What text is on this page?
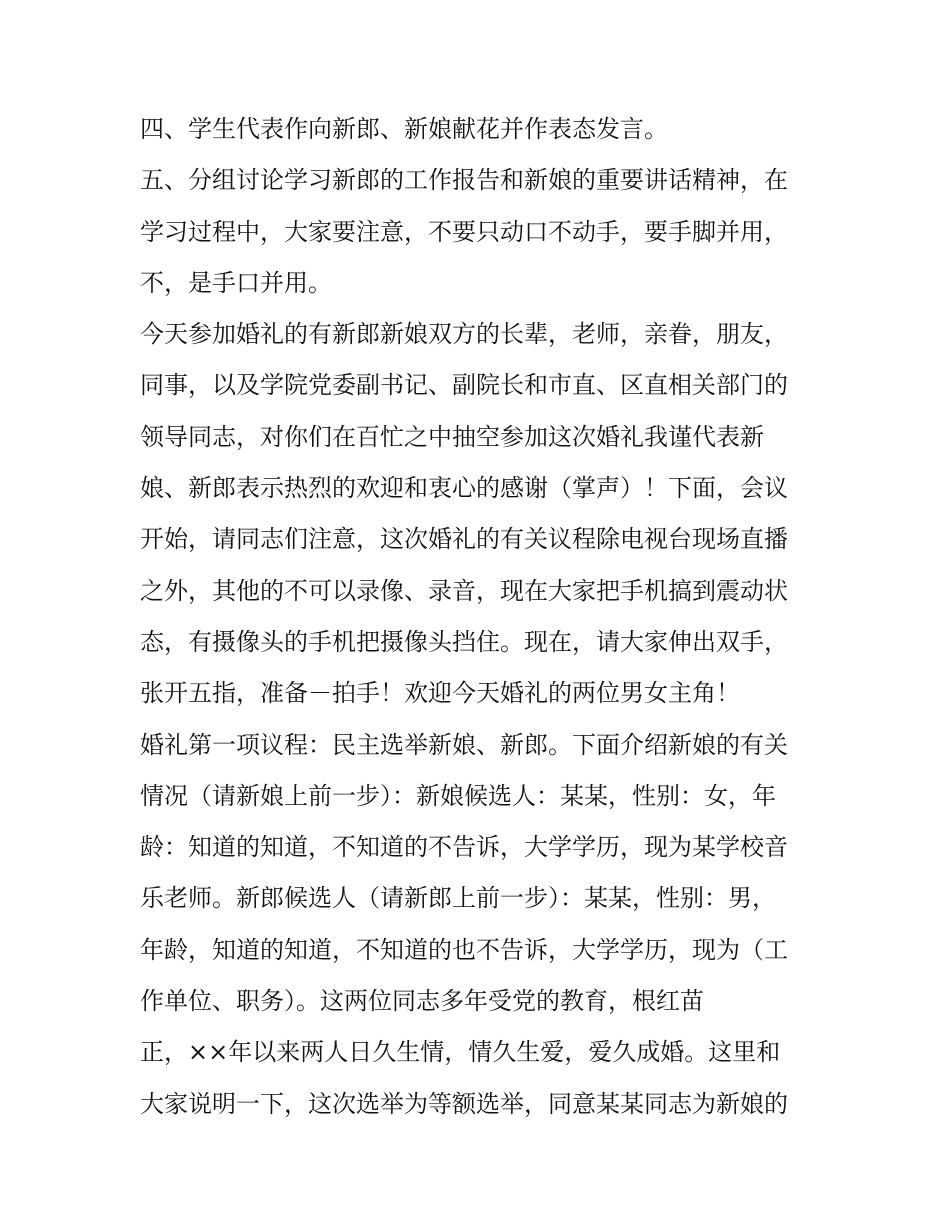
四、学生代表作向新郎、新娘献花并作表态发言。
五、分组讨论学习新郎的工作报告和新娘的重要讲话精神，在
学习过程中，大家要注意，不要只动口不动手，要手脚并用，
不，是手口并用。
今天参加婚礼的有新郎新娘双方的长辈，老师，亲眷，朋友，
同事，以及学院党委副书记、副院长和市直、区直相关部门的
领导同志，对你们在百忙之中抽空参加这次婚礼我谨代表新
娘、新郎表示热烈的欢迎和衷心的感谢（掌声）！下面，会议
开始，请同志们注意，这次婚礼的有关议程除电视台现场直播
之外，其他的不可以录像、录音，现在大家把手机搞到震动状
态，有摄像头的手机把摄像头挡住。现在，请大家伸出双手，
张开五指，准备－拍手！欢迎今天婚礼的两位男女主角！
婚礼第一项议程：民主选举新娘、新郎。下面介绍新娘的有关
情况（请新娘上前一步）：新娘候选人：某某，性别：女，年
龄：知道的知道，不知道的不告诉，大学学历，现为某学校音
乐老师。新郎候选人（请新郎上前一步）：某某，性别：男，
年龄，知道的知道，不知道的也不告诉，大学学历，现为（工
作单位、职务）。这两位同志多年受党的教育，根红苗
正，××年以来两人日久生情，情久生爱，爱久成婚。这里和
大家说明一下，这次选举为等额选举，同意某某同志为新娘的
